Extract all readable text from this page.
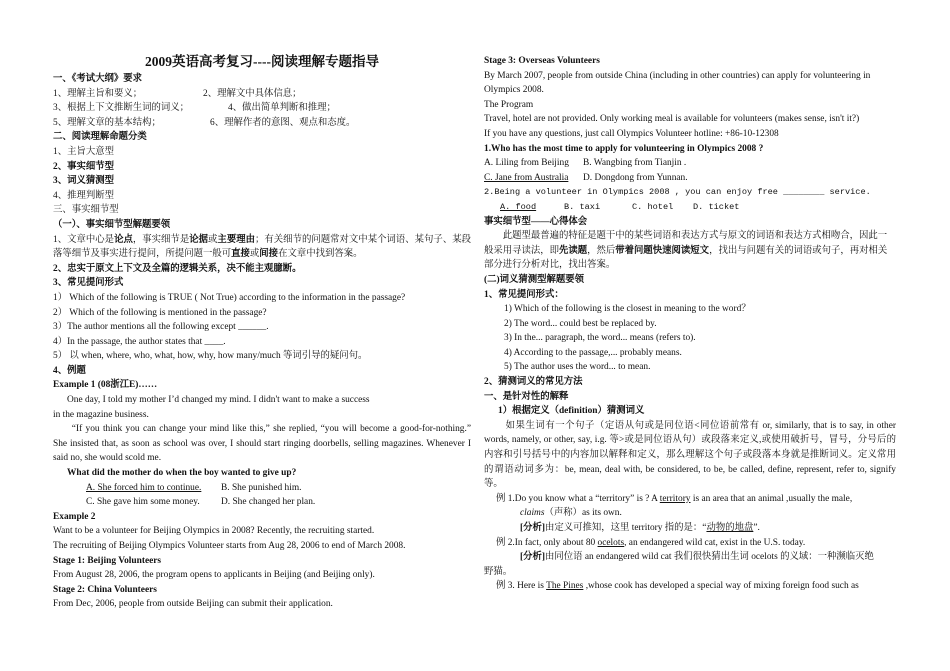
2009英语高考复习----阅读理解专题指导
一、《考试大纲》要求
1、理解主旨和要义；	2、理解文中具体信息；
3、根据上下文推断生词的词义；	4、做出简单判断和推理；
5、理解文章的基本结构；	6、理解作者的意图、观点和态度。
二、阅读理解命题分类
1、主旨大意型
2、事实细节型
3、词义猜测型
4、推理判断型
三、事实细节型
（一）、事实细节型解题要领
1、文章中心是论点，事实细节是论据或主要理由；有关细节的问题常对文中某个词语、某句子、某段落等细节及事实进行提问，所提问题一般可直接或间接在文章中找到答案。
2、忠实于原文上下文及全篇的逻辑关系，决不能主观臆断。
3、常见提问形式
1） Which of the following is TRUE ( Not True) according to the information in the passage?
2） Which of the following is mentioned in the passage?
3）The author mentions all the following except ______.
4）In the passage, the author states that ____.
5） 以 when, where, who, what, how, why, how many/much 等词引导的疑问句。
4、例题
Example 1 (08浙江E)……
One day, I told my mother I’d changed my mind. I didn't want to make a success
in the magazine business.
“If you think you can change your mind like this,” she replied, “you will become a good-for-nothing.” She insisted that, as soon as school was over, I should start ringing doorbells, selling magazines. Whenever I said no, she would scold me.
What did the mother do when the boy wanted to give up?
A. She forced him to continue.	B. She punished him.
C. She gave him some money.	D. She changed her plan.
Example 2
Want to be a volunteer for Beijing Olympics in 2008? Recently, the recruiting started.
The recruiting of Beijing Olympics Volunteer starts from Aug 28, 2006 to end of March 2008.
Stage 1: Beijing Volunteers
From August 28, 2006, the program opens to applicants in Beijing (and Beijing only).
Stage 2: China Volunteers
From Dec, 2006, people from outside Beijing can submit their application.
Stage 3: Overseas Volunteers
By March 2007, people from outside China (including in other countries) can apply for volunteering in Olympics 2008.
The Program
Travel, hotel are not provided. Only working meal is available for volunteers (makes sense, isn't it?)
If you have any questions, just call Olympics Volunteer hotline: +86-10-12308
1.Who has the most time to apply for volunteering in Olympics 2008 ?
A. Liling from Beijing	B. Wangbing from Tianjin .
C. Jane from Australia	D. Dongdong from Yunnan.
2.Being a volunteer in Olympics 2008 , you can enjoy free ________ service.
A. food	B. taxi	C. hotel	D. ticket
事实细节型——心得体会
此题型最普遍的特征是题干中的某些词语和表达方式与原文的词语和表达方式相吻合，因此一般采用寻读法，即先读题，然后带着问题快速阅读短文，找出与问题有关的词语或句子，再对相关部分进行分析对比，找出答案。
(二)词义猜测型解题要领
1、常见提问形式：
1) Which of the following is the closest in meaning to the word？
2) The word... could best be replaced by.
3) In the... paragraph, the word... means (refers to).
4) According to the passage,... probably means.
5) The author uses the word... to mean.
2、猜测词义的常见方法
一、是针对性的解释
1）根据定义（definition）猜测词义
如果生词有一个句子（定语从句或是同位语<同位语前常有 or, similarly, that is to say, in other words, namely, or other, say, i.g. 等>或是同位语从句）或段落来定义,或使用破折号，冒号，分号后的内容和引号括号中的内容加以解释和定义，那么理解这个句子或段落本身就是推断词义。定义常用的谓语动词多为：be, mean, deal with, be considered, to be, be called, define, represent, refer to, signify 等。
例 1.Do you know what a “territory” is ? A territory is an area that an animal ,usually the male,
claims（声称）as its own.
[分析]由定义可推知，这里 territory 指的是：“动物的地盘”.
例 2.In fact, only about 80 ocelots, an endangered wild cat, exist in the U.S. today.
[分析]由同位语 an endangered wild cat 我们很快猜出生词 ocelots 的义域：一种濒临灭绝
野猫。
例 3. Here is The Pines ,whose cook has developed a special way of mixing foreign food such as
